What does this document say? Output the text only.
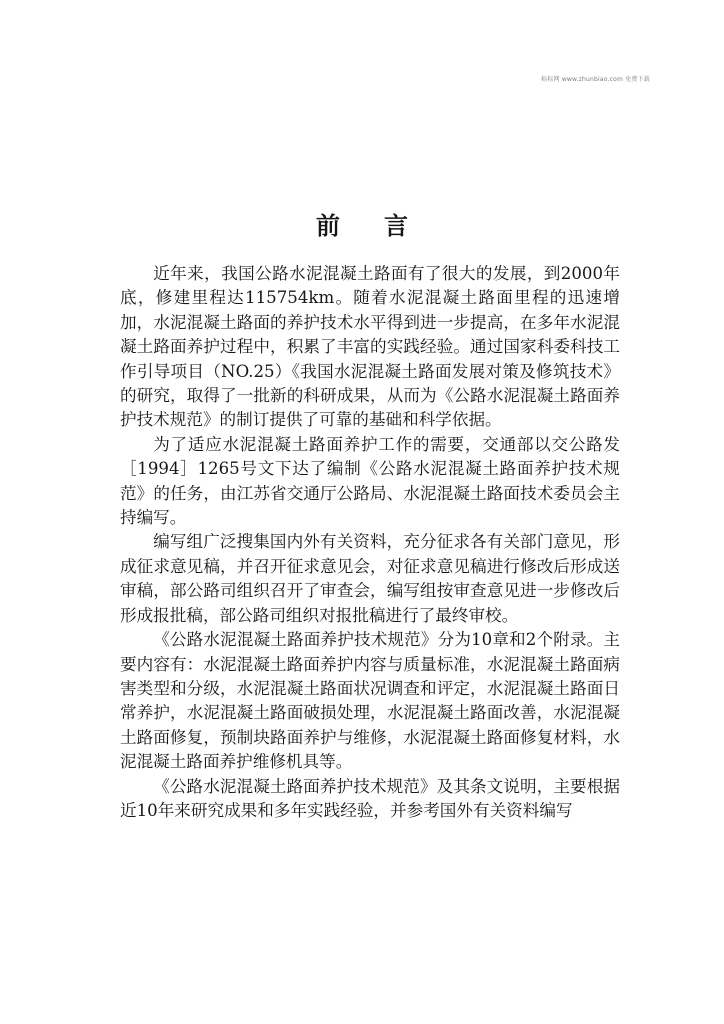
标标网 www.zhunbiao.com 免费下载
前言

近年来，我国公路水泥混凝土路面有了很大的发展，到2000年底，修建里程达115754km。随着水泥混凝土路面里程的迅速增加，水泥混凝土路面的养护技术水平得到进一步提高，在多年水泥混凝土路面养护过程中，积累了丰富的实践经验。通过国家科委科技工作引导项目（NO.25）《我国水泥混凝土路面发展对策及修筑技术》的研究，取得了一批新的科研成果，从而为《公路水泥混凝土路面养护技术规范》的制订提供了可靠的基础和科学依据。

为了适应水泥混凝土路面养护工作的需要，交通部以交公路发［1994］1265号文下达了编制《公路水泥混凝土路面养护技术规范》的任务，由江苏省交通厅公路局、水泥混凝土路面技术委员会主持编写。

编写组广泛搜集国内外有关资料，充分征求各有关部门意见，形成征求意见稿，并召开征求意见会，对征求意见稿进行修改后形成送审稿，部公路司组织召开了审查会，编写组按审查意见进一步修改后形成报批稿，部公路司组织对报批稿进行了最终审校。

《公路水泥混凝土路面养护技术规范》分为10章和2个附录。主要内容有：水泥混凝土路面养护内容与质量标准，水泥混凝土路面病害类型和分级，水泥混凝土路面状况调查和评定，水泥混凝土路面日常养护，水泥混凝土路面破损处理，水泥混凝土路面改善，水泥混凝土路面修复，预制块路面养护与维修，水泥混凝土路面修复材料，水泥混凝土路面养护维修机具等。

《公路水泥混凝土路面养护技术规范》及其条文说明，主要根据近10年来研究成果和多年实践经验，并参考国外有关资料编写
